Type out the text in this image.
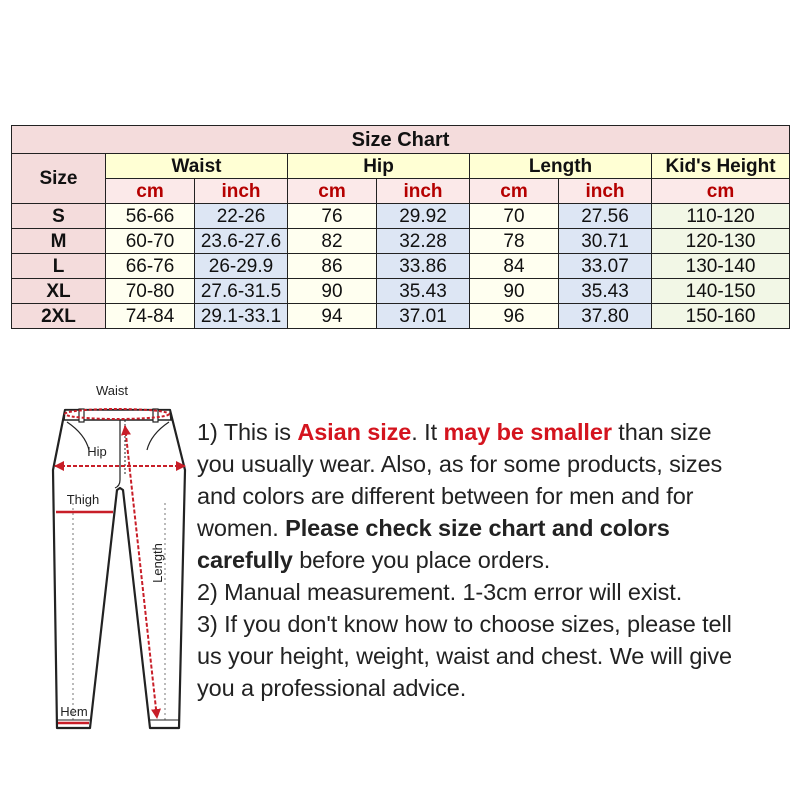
Size Chart							
Size	Waist		Hip		Length		Kid's Height
	cm	inch	cm	inch	cm	inch	cm
S	56-66	22-26	76	29.92	70	27.56	110-120
M	60-70	23.6-27.6	82	32.28	78	30.71	120-130
L	66-76	26-29.9	86	33.86	84	33.07	130-140
XL	70-80	27.6-31.5	90	35.43	90	35.43	140-150
2XL	74-84	29.1-33.1	94	37.01	96	37.80	150-160
Waist
Hip
Thigh
Length
Hem

1) This is Asian size. It may be smaller than size

you usually wear. Also, as for some products, sizes

and colors are different between for men and for

women. Please check size chart and colors

carefully before you place orders.

2) Manual measurement. 1-3cm error will exist.

3) If you don't know how to choose sizes, please tell

us your height, weight, waist and chest. We will give

you a professional advice.
